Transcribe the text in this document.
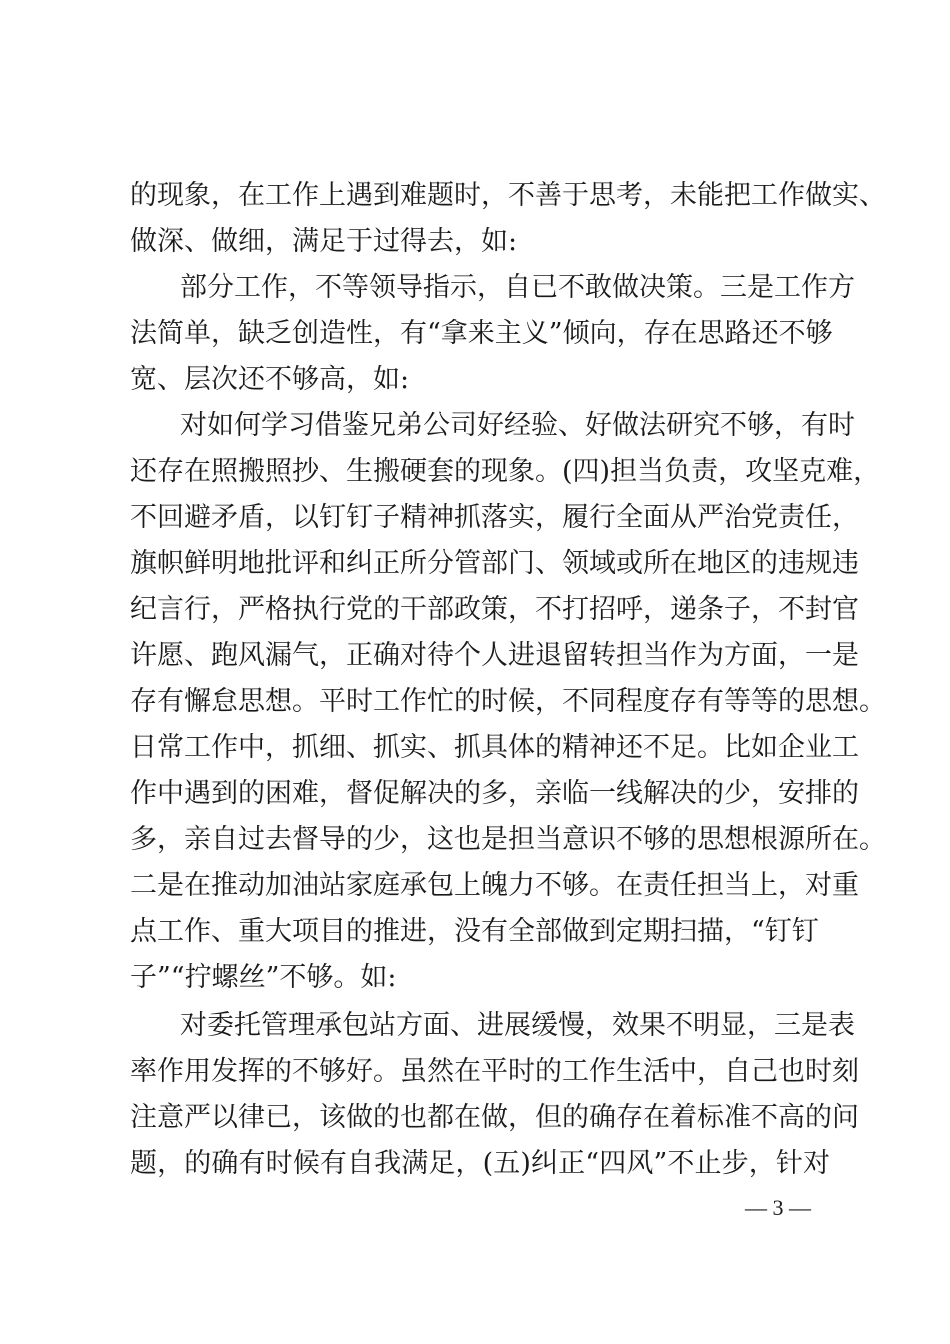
的现象，在工作上遇到难题时，不善于思考，未能把工作做实、
做深、做细，满足于过得去，如:
部分工作，不等领导指示，自已不敢做决策。三是工作方
法简单，缺乏创造性，有“拿来主义”倾向，存在思路还不够
宽、层次还不够高，如:
对如何学习借鉴兄弟公司好经验、好做法研究不够，有时
还存在照搬照抄、生搬硬套的现象。(四)担当负责，攻坚克难，
不回避矛盾，以钉钉子精神抓落实，履行全面从严治党责任，
旗帜鲜明地批评和纠正所分管部门、领域或所在地区的违规违
纪言行，严格执行党的干部政策，不打招呼，递条子，不封官
许愿、跑风漏气，正确对待个人进退留转担当作为方面，一是
存有懈怠思想。平时工作忙的时候，不同程度存有等等的思想。
日常工作中，抓细、抓实、抓具体的精神还不足。比如企业工
作中遇到的困难，督促解决的多，亲临一线解决的少，安排的
多，亲自过去督导的少，这也是担当意识不够的思想根源所在。
二是在推动加油站家庭承包上魄力不够。在责任担当上，对重
点工作、重大项目的推进，没有全部做到定期扫描，“钉钉
子”“拧螺丝”不够。如:
对委托管理承包站方面、进展缓慢，效果不明显，三是表
率作用发挥的不够好。虽然在平时的工作生活中，自己也时刻
注意严以律已，该做的也都在做，但的确存在着标准不高的问
题，的确有时候有自我满足，(五)纠正“四风”不止步，针对
— 3 —
